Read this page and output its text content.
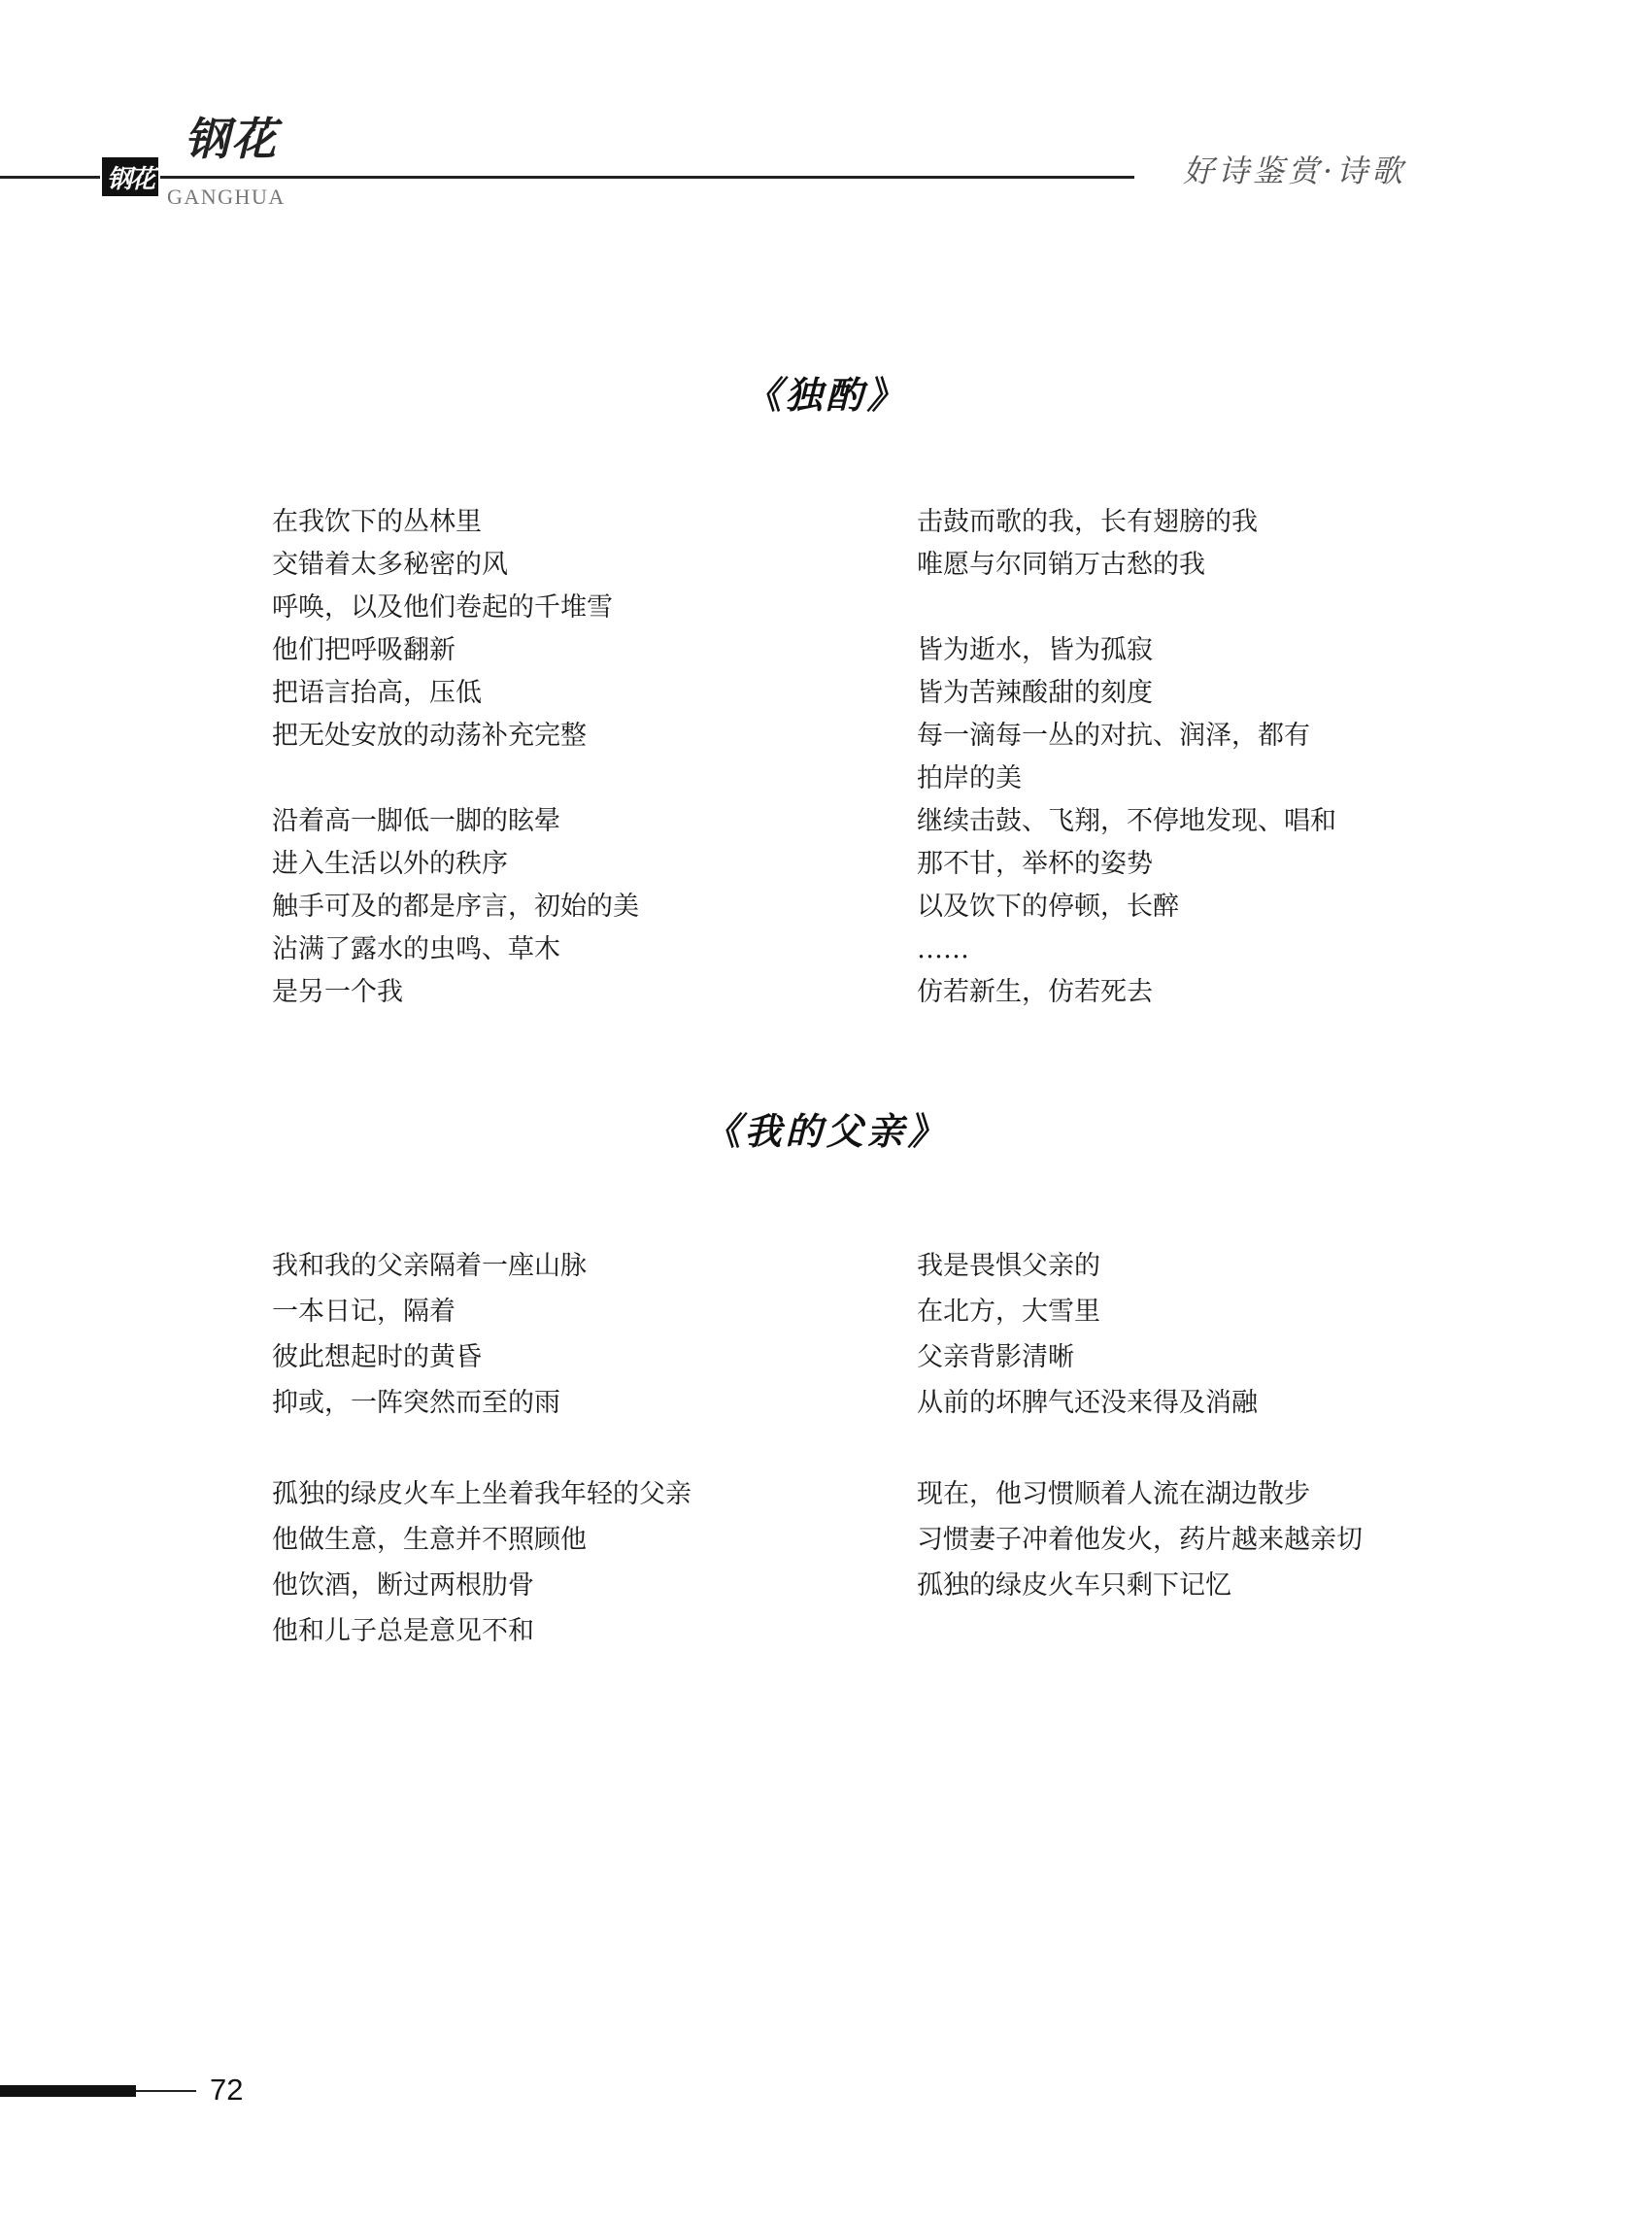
钢花
钢花
GANGHUA
好诗鉴赏·诗歌
《独酌》
在我饮下的丛林里
交错着太多秘密的风
呼唤，以及他们卷起的千堆雪
他们把呼吸翻新
把语言抬高，压低
把无处安放的动荡补充完整
沿着高一脚低一脚的眩晕
进入生活以外的秩序
触手可及的都是序言，初始的美
沾满了露水的虫鸣、草木
是另一个我
击鼓而歌的我，长有翅膀的我
唯愿与尔同销万古愁的我
皆为逝水，皆为孤寂
皆为苦辣酸甜的刻度
每一滴每一丛的对抗、润泽，都有
拍岸的美
继续击鼓、飞翔，不停地发现、唱和
那不甘，举杯的姿势
以及饮下的停顿，长醉
……
仿若新生，仿若死去
《我的父亲》
我和我的父亲隔着一座山脉
一本日记，隔着
彼此想起时的黄昏
抑或，一阵突然而至的雨
孤独的绿皮火车上坐着我年轻的父亲
他做生意，生意并不照顾他
他饮酒，断过两根肋骨
他和儿子总是意见不和
我是畏惧父亲的
在北方，大雪里
父亲背影清晰
从前的坏脾气还没来得及消融
现在，他习惯顺着人流在湖边散步
习惯妻子冲着他发火，药片越来越亲切
孤独的绿皮火车只剩下记忆
72
